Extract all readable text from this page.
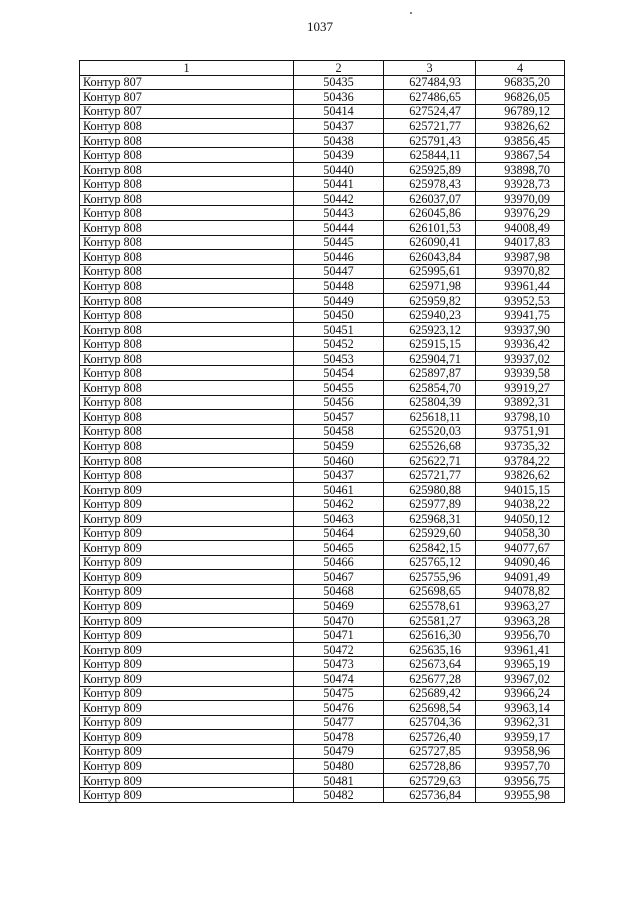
1037
1	2	3	4
Контур 807	50435	627484,93	96835,20
Контур 807	50436	627486,65	96826,05
Контур 807	50414	627524,47	96789,12
Контур 808	50437	625721,77	93826,62
Контур 808	50438	625791,43	93856,45
Контур 808	50439	625844,11	93867,54
Контур 808	50440	625925,89	93898,70
Контур 808	50441	625978,43	93928,73
Контур 808	50442	626037,07	93970,09
Контур 808	50443	626045,86	93976,29
Контур 808	50444	626101,53	94008,49
Контур 808	50445	626090,41	94017,83
Контур 808	50446	626043,84	93987,98
Контур 808	50447	625995,61	93970,82
Контур 808	50448	625971,98	93961,44
Контур 808	50449	625959,82	93952,53
Контур 808	50450	625940,23	93941,75
Контур 808	50451	625923,12	93937,90
Контур 808	50452	625915,15	93936,42
Контур 808	50453	625904,71	93937,02
Контур 808	50454	625897,87	93939,58
Контур 808	50455	625854,70	93919,27
Контур 808	50456	625804,39	93892,31
Контур 808	50457	625618,11	93798,10
Контур 808	50458	625520,03	93751,91
Контур 808	50459	625526,68	93735,32
Контур 808	50460	625622,71	93784,22
Контур 808	50437	625721,77	93826,62
Контур 809	50461	625980,88	94015,15
Контур 809	50462	625977,89	94038,22
Контур 809	50463	625968,31	94050,12
Контур 809	50464	625929,60	94058,30
Контур 809	50465	625842,15	94077,67
Контур 809	50466	625765,12	94090,46
Контур 809	50467	625755,96	94091,49
Контур 809	50468	625698,65	94078,82
Контур 809	50469	625578,61	93963,27
Контур 809	50470	625581,27	93963,28
Контур 809	50471	625616,30	93956,70
Контур 809	50472	625635,16	93961,41
Контур 809	50473	625673,64	93965,19
Контур 809	50474	625677,28	93967,02
Контур 809	50475	625689,42	93966,24
Контур 809	50476	625698,54	93963,14
Контур 809	50477	625704,36	93962,31
Контур 809	50478	625726,40	93959,17
Контур 809	50479	625727,85	93958,96
Контур 809	50480	625728,86	93957,70
Контур 809	50481	625729,63	93956,75
Контур 809	50482	625736,84	93955,98
